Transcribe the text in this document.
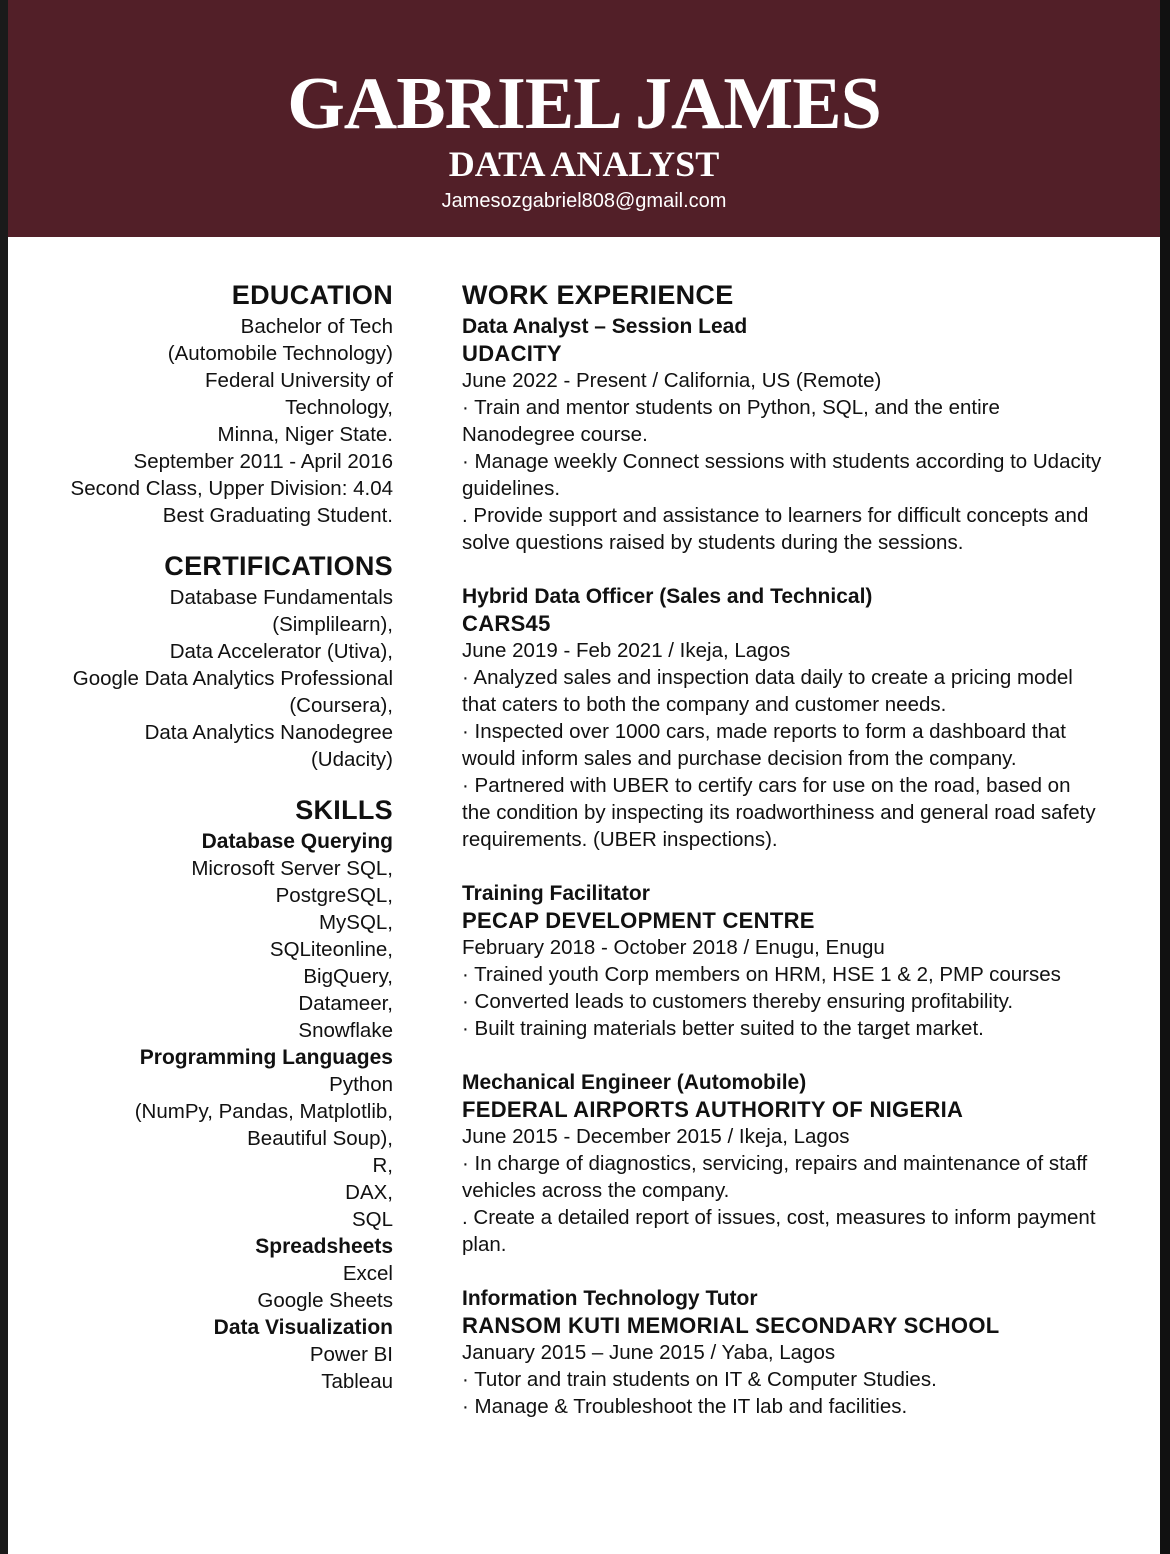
GABRIEL JAMES
DATA ANALYST
Jamesozgabriel808@gmail.com
EDUCATION
Bachelor of Tech
(Automobile Technology)
Federal University of
Technology,
Minna, Niger State.
September 2011 - April 2016
Second Class, Upper Division: 4.04
Best Graduating Student.
CERTIFICATIONS
Database Fundamentals
(Simplilearn),
Data Accelerator (Utiva),
Google Data Analytics Professional
(Coursera),
Data Analytics Nanodegree
(Udacity)
SKILLS
Database Querying
Microsoft Server SQL,
PostgreSQL,
MySQL,
SQLiteonline,
BigQuery,
Datameer,
Snowflake
Programming Languages
Python
(NumPy, Pandas, Matplotlib,
Beautiful Soup),
R,
DAX,
SQL
Spreadsheets
Excel
Google Sheets
Data Visualization
Power BI
Tableau
WORK EXPERIENCE
Data Analyst – Session Lead
UDACITY
June 2022 - Present / California, US (Remote)
· Train and mentor students on Python, SQL, and the entire Nanodegree course.
· Manage weekly Connect sessions with students according to Udacity guidelines.
. Provide support and assistance to learners for difficult concepts and solve questions raised by students during the sessions.
Hybrid Data Officer (Sales and Technical)
CARS45
June 2019 - Feb 2021 / Ikeja, Lagos
· Analyzed sales and inspection data daily to create a pricing model that caters to both the company and customer needs.
· Inspected over 1000 cars, made reports to form a dashboard that would inform sales and purchase decision from the company.
· Partnered with UBER to certify cars for use on the road, based on the condition by inspecting its roadworthiness and general road safety requirements. (UBER inspections).
Training Facilitator
PECAP DEVELOPMENT CENTRE
February 2018 - October 2018 / Enugu, Enugu
· Trained youth Corp members on HRM, HSE 1 & 2, PMP courses
· Converted leads to customers thereby ensuring profitability.
· Built training materials better suited to the target market.
Mechanical Engineer (Automobile)
FEDERAL AIRPORTS AUTHORITY OF NIGERIA
June 2015 - December 2015 / Ikeja, Lagos
· In charge of diagnostics, servicing, repairs and maintenance of staff vehicles across the company.
. Create a detailed report of issues, cost, measures to inform payment plan.
Information Technology Tutor
RANSOM KUTI MEMORIAL SECONDARY SCHOOL
January 2015 – June 2015 / Yaba, Lagos
· Tutor and train students on IT & Computer Studies.
· Manage & Troubleshoot the IT lab and facilities.
